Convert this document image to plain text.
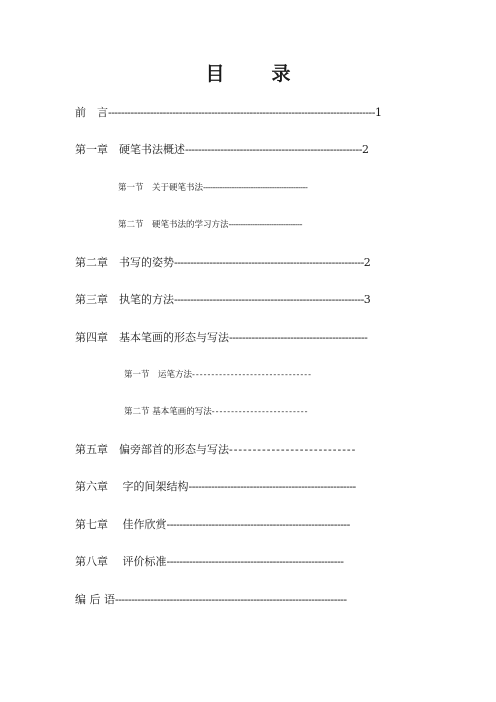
目　录
前　言-----------------------------------------------------------------------------------1
第一章　硬笔书法概述-------------------------------------------------------2
第一节　关于硬笔书法--------------------------------------------
第二节　硬笔书法的学习方法-------------------------------
第二章　书写的姿势-----------------------------------------------------------2
第三章　执笔的方法-----------------------------------------------------------3
第四章　基本笔画的形态与写法-------------------------------------------
第一节　运笔方法-------------------------------
第二节 基本笔画的写法-------------------------
第五章　偏旁部首的形态与写法---------------------------
第六章　 字的间架结构----------------------------------------------------
第七章　 佳作欣赏---------------------------------------------------------
第八章　 评价标准-------------------------------------------------------
编 后 语------------------------------------------------------------------------
